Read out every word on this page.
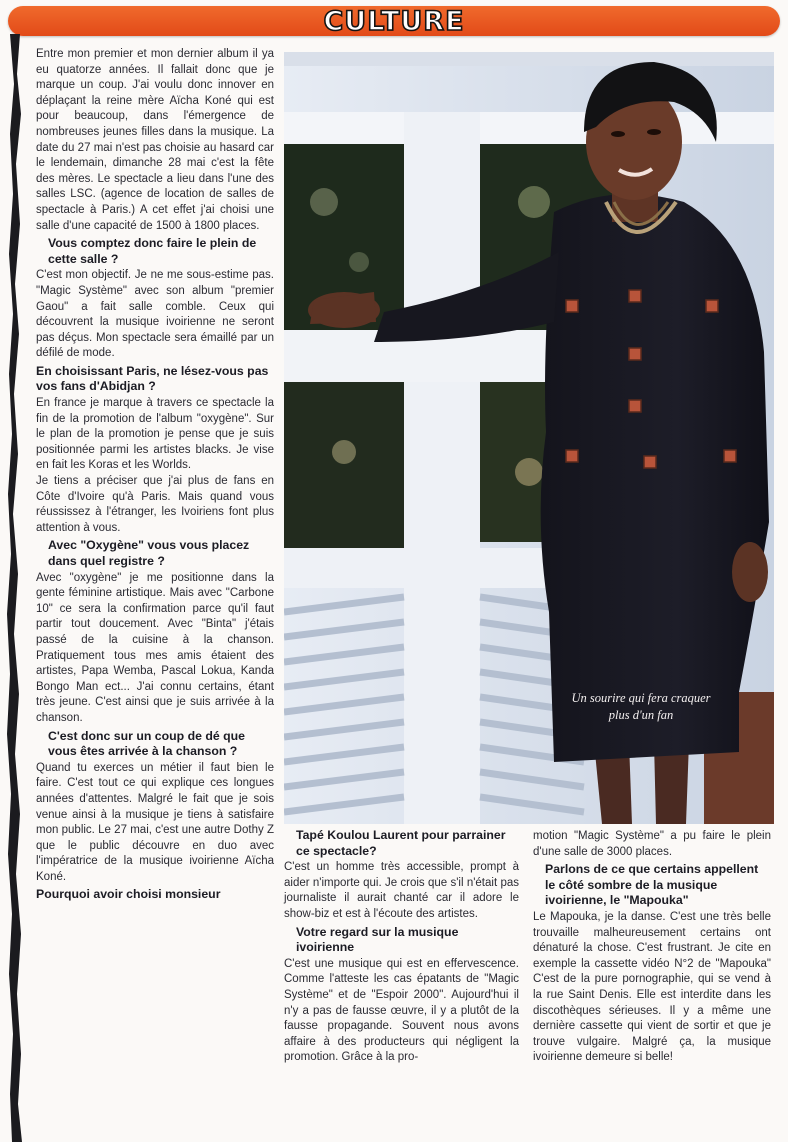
CULTURE

Entre mon premier et mon dernier album il ya eu quatorze années. Il fallait donc que je marque un coup. J'ai voulu donc innover en déplaçant la reine mère Aïcha Koné qui est pour beaucoup, dans l'émergence de nombreuses jeunes filles dans la musique. La date du 27 mai n'est pas choisie au hasard car le lendemain, dimanche 28 mai c'est la fête des mères. Le spectacle a lieu dans l'une des salles LSC. (agence de location de salles de spectacle à Paris.) A cet effet j'ai choisi une salle d'une capacité de 1500 à 1800 places.

Vous comptez donc faire le plein de cette salle ?

C'est mon objectif. Je ne me sous-estime pas. "Magic Système" avec son album "premier Gaou" a fait salle comble. Ceux qui découvrent la musique ivoirienne ne seront pas déçus. Mon spectacle sera émaillé par un défilé de mode.

En choisissant Paris, ne lésez-vous pas vos fans d'Abidjan ?

En france je marque à travers ce spectacle la fin de la promotion de l'album "oxygène". Sur le plan de la promotion je pense que je suis positionnée parmi les artistes blacks. Je vise en fait les Koras et les Worlds.

Je tiens a préciser que j'ai plus de fans en Côte d'Ivoire qu'à Paris. Mais quand vous réussissez à l'étranger, les Ivoiriens font plus attention à vous.

Avec "Oxygène" vous vous placez dans quel registre ?

Avec "oxygène" je me positionne dans la gente féminine artistique. Mais avec "Carbone 10" ce sera la confirmation parce qu'il faut partir tout doucement. Avec "Binta" j'étais passé de la cuisine à la chanson. Pratiquement tous mes amis étaient des artistes, Papa Wemba, Pascal Lokua, Kanda Bongo Man ect... J'ai connu certains, étant très jeune. C'est ainsi que je suis arrivée à la chanson.

C'est donc sur un coup de dé que vous êtes arrivée à la chanson ?

Quand tu exerces un métier il faut bien le faire. C'est tout ce qui explique ces longues années d'attentes. Malgré le fait que je sois venue ainsi à la musique je tiens à satisfaire mon public. Le 27 mai, c'est une autre Dothy Z que le public découvre en duo avec l'impératrice de la musique ivoirienne Aïcha Koné.

Pourquoi avoir choisi monsieur

Un sourire qui fera craquer
plus d'un fan

Tapé Koulou Laurent pour parrainer ce spectacle?

C'est un homme très accessible, prompt à aider n'importe qui. Je crois que s'il n'était pas journaliste il aurait chanté car il adore le show-biz et est à l'écoute des artistes.

Votre regard sur la musique ivoirienne

C'est une musique qui est en effervescence. Comme l'atteste les cas épatants de "Magic Système" et de "Espoir 2000". Aujourd'hui il n'y a pas de fausse œuvre, il y a plutôt de la fausse propagande. Souvent nous avons affaire à des producteurs qui négligent la promotion. Grâce à la pro-

motion "Magic Système" a pu faire le plein d'une salle de 3000 places.

Parlons de ce que certains appellent le côté sombre de la musique ivoirienne, le "Mapouka"

Le Mapouka, je la danse. C'est une très belle trouvaille malheureusement certains ont dénaturé la chose. C'est frustrant. Je cite en exemple la cassette vidéo N°2 de "Mapouka" C'est de la pure pornographie, qui se vend à la rue Saint Denis. Elle est interdite dans les discothèques sérieuses. Il y a même une dernière cassette qui vient de sortir et que je trouve vulgaire. Malgré ça, la musique ivoirienne demeure si belle!
